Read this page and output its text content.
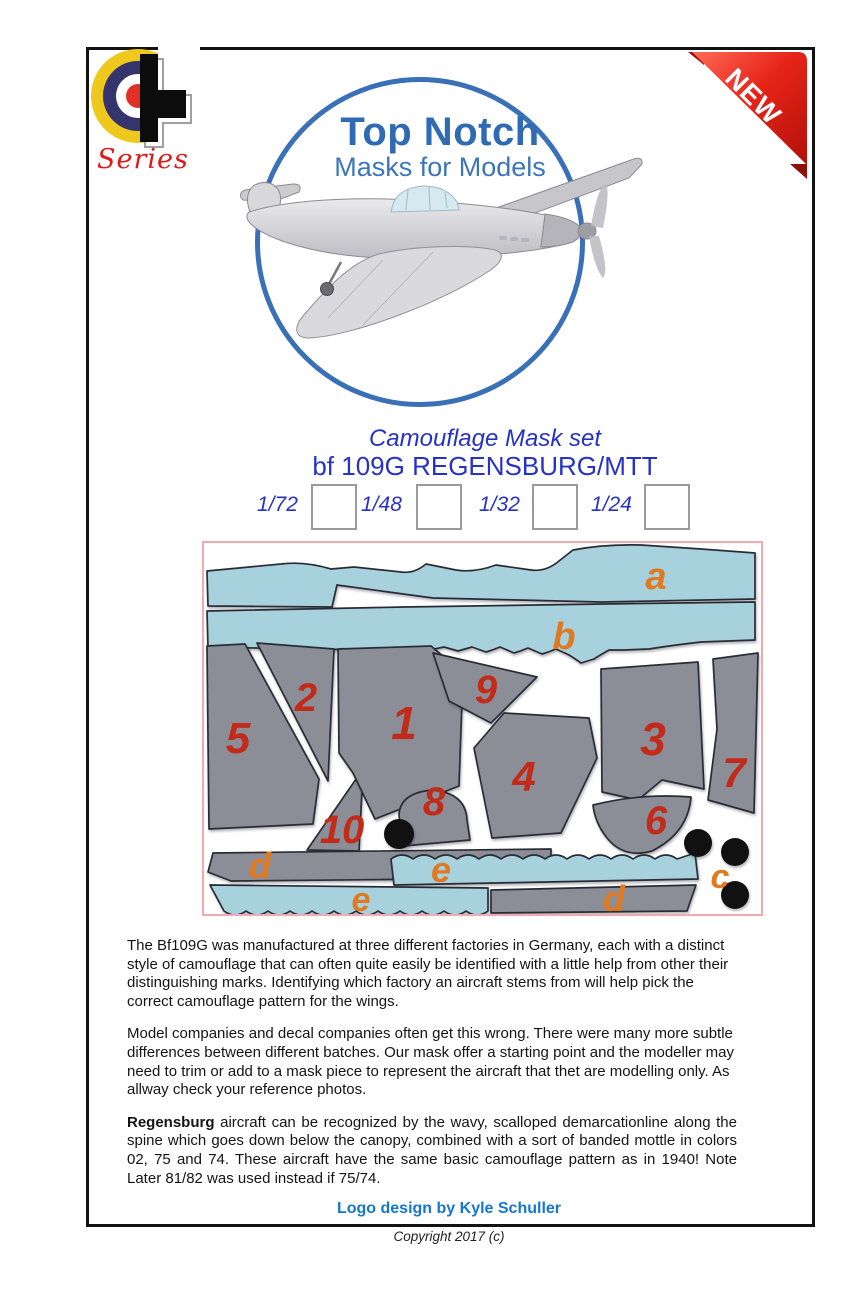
Series
NEW
Top Notch
Masks for Models
Camouflage Mask set
bf 109G REGENSBURG/MTT
1/72	1/48	1/32	1/24
1
2
3
4
5
6
7
8
9
10
a
b
d	e
e	d
c

The Bf109G was manufactured at three different factories in Germany, each with a distinct style of camouflage that can often quite easily be identified with a little help from other their distinguishing marks. Identifying which factory an aircraft stems from will help pick the correct camouflage pattern for the wings.

Model companies and decal companies often get this wrong. There were many more subtle differences between different batches. Our mask offer a starting point and the modeller may need to trim or add to a mask piece to represent the aircraft that thet are modelling only. As allway check your reference photos.

Regensburg aircraft can be recognized by the wavy, scalloped demarcationline along the spine which goes down below the canopy, combined with a sort of banded mottle in colors 02, 75 and 74. These aircraft have the same basic camouflage pattern as in 1940! Note Later 81/82 was used instead if 75/74.

Logo design by Kyle Schuller
Copyright 2017 (c)
